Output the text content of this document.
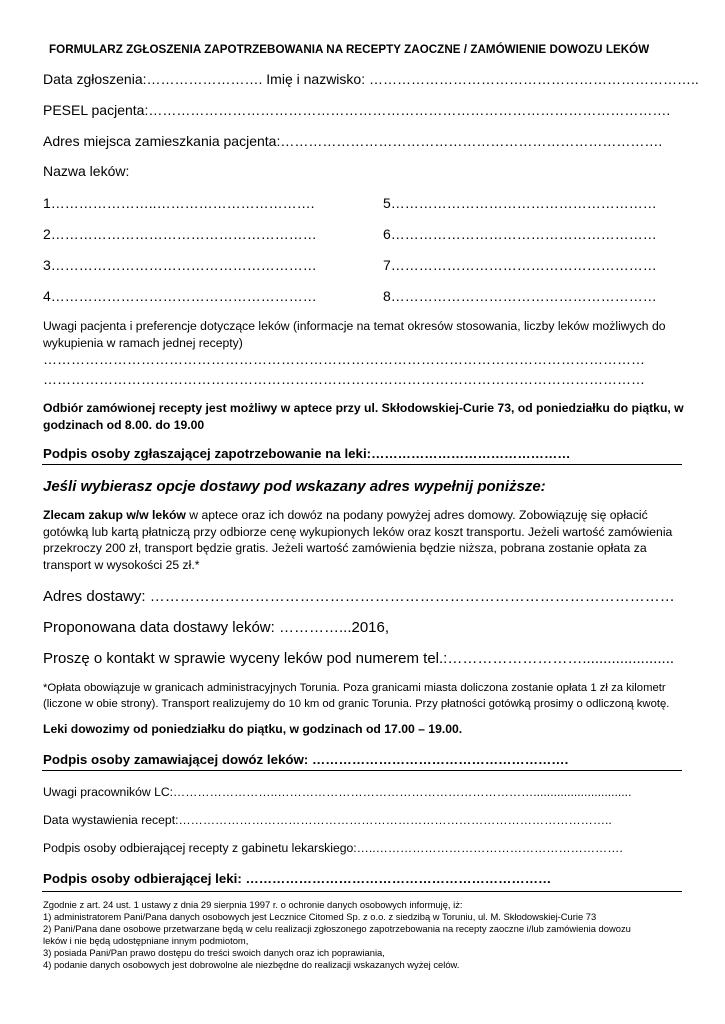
FORMULARZ ZGŁOSZENIA ZAPOTRZEBOWANIA NA RECEPTY ZAOCZNE / ZAMÓWIENIE DOWOZU LEKÓW
Data zgłoszenia:……………………. Imię i nazwisko: ……………………………………………………………..
PESEL pacjenta:………………………………………………………………………………………………….
Adres miejsca zamieszkania pacjenta:……………………………………………………………………….
Nazwa leków:
1…………………..…………………………….
2…………………………………………………
3…………………………………………………
4…………………………………………………
5…………………………………………………
6…………………………………………………
7…………………………………………………
8…………………………………………………
Uwagi pacjenta i preferencje dotyczące leków (informacje na temat okresów stosowania, liczby leków możliwych do wykupienia w ramach jednej recepty)
…………………………………………………………………………………………………………………
…………………………………………………………………………………………………………………
Odbiór zamówionej recepty jest możliwy w aptece przy ul. Skłodowskiej-Curie 73, od poniedziałku do piątku, w godzinach od 8.00. do 19.00
Podpis osoby zgłaszającej zapotrzebowanie na leki:………………………………………
Jeśli wybierasz opcje dostawy pod wskazany adres wypełnij poniższe:
Zlecam zakup w/w leków w aptece oraz ich dowóz na podany powyżej adres domowy. Zobowiązuję się opłacić gotówką lub kartą płatniczą przy odbiorze cenę wykupionych leków oraz koszt transportu. Jeżeli wartość zamówienia przekroczy 200 zł, transport będzie gratis. Jeżeli wartość zamówienia będzie niższa, pobrana zostanie opłata za transport w wysokości 25 zł.*
Adres dostawy: ……………………………………………………………………………………………
Proponowana data dostawy leków: …………...2016,
Proszę o kontakt w sprawie wyceny leków pod numerem tel.:………………………......................
*Opłata obowiązuje w granicach administracyjnych Torunia. Poza granicami miasta doliczona zostanie opłata 1 zł za kilometr (liczone w obie strony). Transport realizujemy do 10 km od granic Torunia. Przy płatności gotówką prosimy o odliczoną kwotę.
Leki dowozimy od poniedziałku do piątku, w godzinach od 17.00 – 19.00.
Podpis osoby zamawiającej dowóz leków: ………………………………………………….
Uwagi pracowników LC:……………………..……………………………………………………….............................
Data wystawienia recept:……………………………………………………………………………………………..
Podpis osoby odbierającej recepty z gabinetu lekarskiego:…..…………………………………………………….
Podpis osoby odbierającej leki: ……………………………………………………………
Zgodnie z art. 24 ust. 1 ustawy z dnia 29 sierpnia 1997 r. o ochronie danych osobowych informuję, iż:
1) administratorem Pani/Pana danych osobowych jest Lecznice Citomed Sp. z o.o. z siedzibą w Toruniu, ul. M. Skłodowskiej-Curie 73
2) Pani/Pana dane osobowe przetwarzane będą w celu realizacji zgłoszonego zapotrzebowania na recepty zaoczne i/lub zamówienia dowozu
leków i nie będą udostępniane innym podmiotom,
3) posiada Pani/Pan prawo dostępu do treści swoich danych oraz ich poprawiania,
4) podanie danych osobowych jest dobrowolne ale niezbędne do realizacji wskazanych wyżej celów.
